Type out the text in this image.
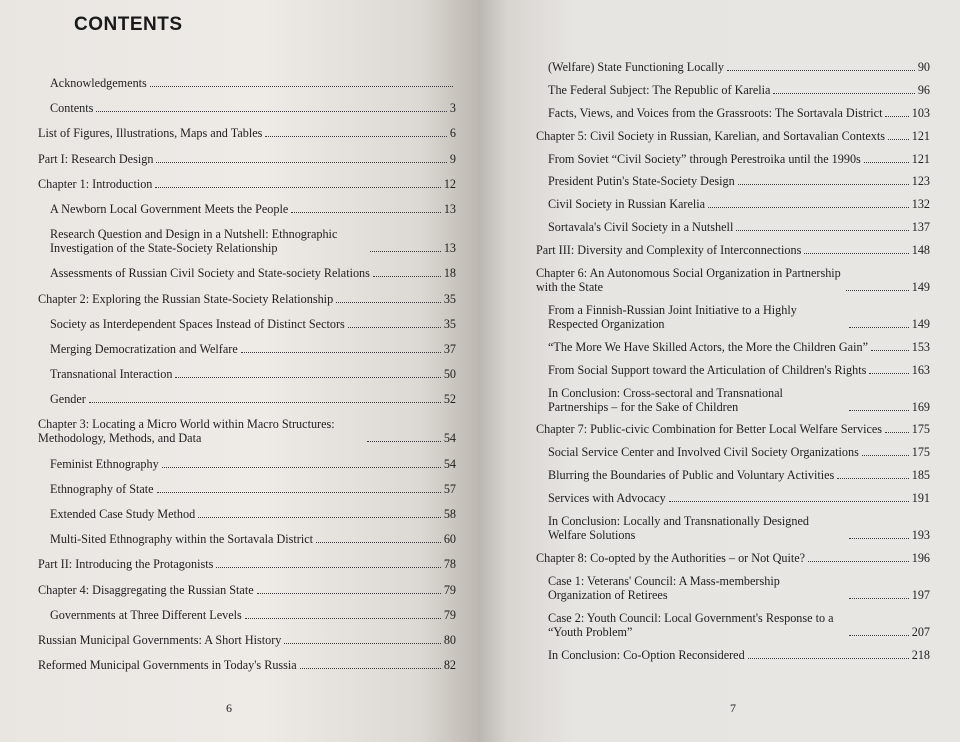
CONTENTS
Acknowledgements
Contents	3
List of Figures, Illustrations, Maps and Tables	6
Part I: Research Design	9
Chapter 1: Introduction	12
A Newborn Local Government Meets the People	13
Research Question and Design in a Nutshell: Ethnographic Investigation of the State-Society Relationship	13
Assessments of Russian Civil Society and State-society Relations	18
Chapter 2: Exploring the Russian State-Society Relationship	35
Society as Interdependent Spaces Instead of Distinct Sectors	35
Merging Democratization and Welfare	37
Transnational Interaction	50
Gender	52
Chapter 3: Locating a Micro World within Macro Structures: Methodology, Methods, and Data	54
Feminist Ethnography	54
Ethnography of State	57
Extended Case Study Method	58
Multi-Sited Ethnography within the Sortavala District	60
Part II: Introducing the Protagonists	78
Chapter 4: Disaggregating the Russian State	79
Governments at Three Different Levels	79
Russian Municipal Governments: A Short History	80
Reformed Municipal Governments in Today's Russia	82
6
(Welfare) State Functioning Locally	90
The Federal Subject: The Republic of Karelia	96
Facts, Views, and Voices from the Grassroots: The Sortavala District 103
Chapter 5: Civil Society in Russian, Karelian, and Sortavalian Contexts 121
From Soviet “Civil Society” through Perestroika until the 1990s	121
President Putin's State-Society Design	123
Civil Society in Russian Karelia	132
Sortavala's Civil Society in a Nutshell	137
Part III: Diversity and Complexity of Interconnections	148
Chapter 6: An Autonomous Social Organization in Partnership with the State	149
From a Finnish-Russian Joint Initiative to a Highly Respected Organization	149
“The More We Have Skilled Actors, the More the Children Gain”	153
From Social Support toward the Articulation of Children's Rights	163
In Conclusion: Cross-sectoral and Transnational Partnerships – for the Sake of Children	169
Chapter 7: Public-civic Combination for Better Local Welfare Services 175
Social Service Center and Involved Civil Society Organizations	175
Blurring the Boundaries of Public and Voluntary Activities	185
Services with Advocacy	191
In Conclusion: Locally and Transnationally Designed Welfare Solutions	193
Chapter 8: Co-opted by the Authorities – or Not Quite?	196
Case 1: Veterans' Council: A Mass-membership Organization of Retirees	197
Case 2: Youth Council: Local Government's Response to a “Youth Problem”	207
In Conclusion: Co-Option Reconsidered	218
7
